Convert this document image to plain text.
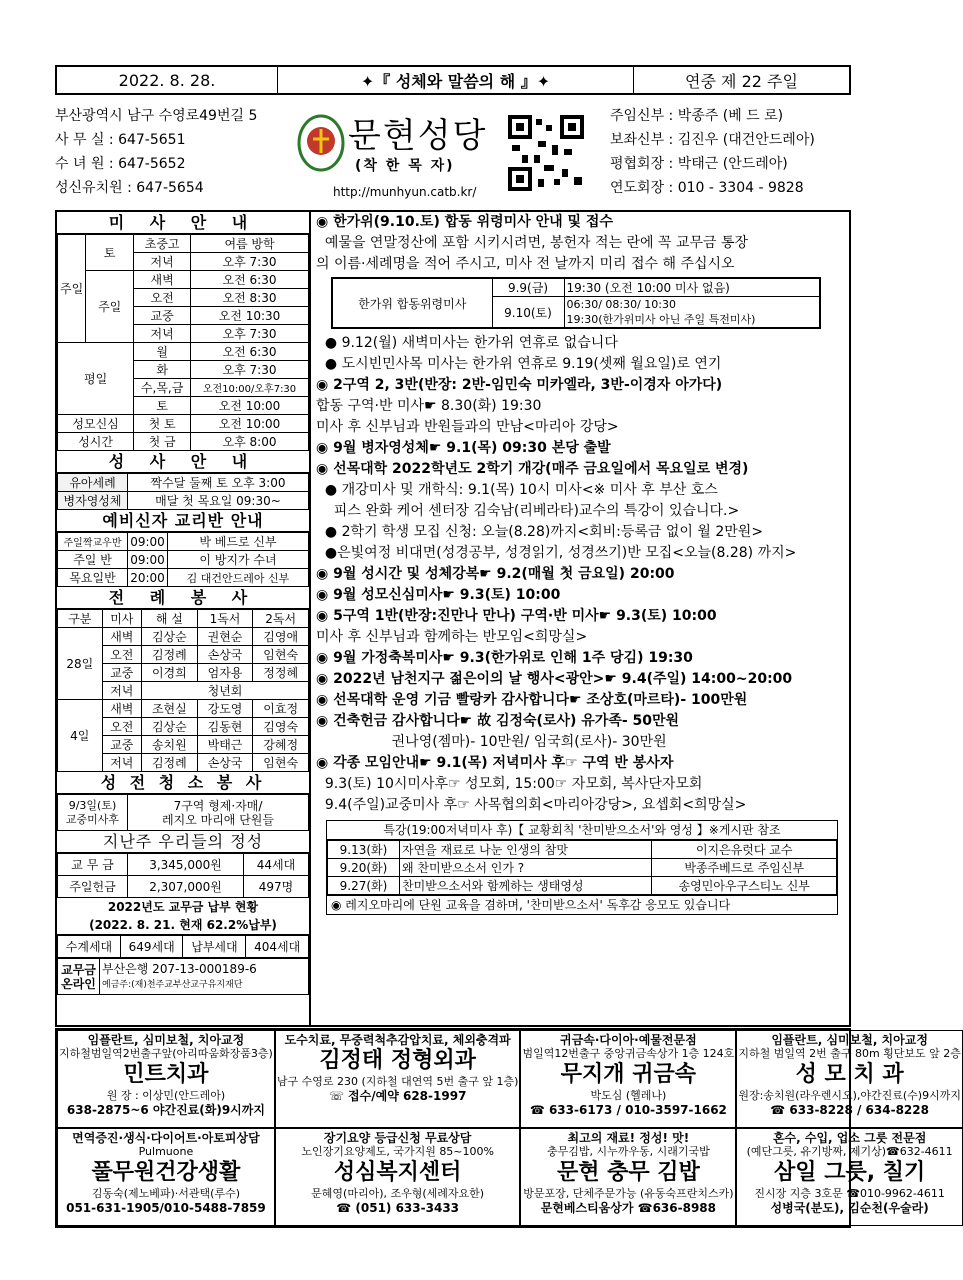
2022. 8. 28.	✦『 성체와 말씀의 해 』✦	연중 제 22 주일
부산광역시 남구 수영로49번길 5
사 무 실 : 647-5651
수 녀 원 : 647-5652
성신유치원 : 647-5654
문현성당
(착 한 목 자)
http://munhyun.catb.kr/
주임신부 : 박종주 (베 드 로)
보좌신부 : 김진우 (대건안드레아)
평협회장 : 박태근 (안드레아)
연도회장 : 010 - 3304 - 9828
미 사 안 내
주일	토	초중고	여름 방학
		저녁	오후 7:30
	주일	새벽	오전 6:30
		오전	오전 8:30
		교중	오전 10:30
		저녁	오후 7:30
평일		월	오전 6:30
		화	오후 7:30
		수,목,금	오전10:00/오후7:30
		토	오전 10:00
성모신심		첫 토	오전 10:00
성시간		첫 금	오후 8:00
성 사 안 내
유아세례	짝수달 둘째 토 오후 3:00
병자영성체	매달 첫 목요일 09:30~
예비신자 교리반 안내
주일짝교우반	09:00	박 베드로 신부
주일 반	09:00	이 방지가 수녀
목요일반	20:00	김 대건안드레아 신부
전 례 봉 사
구분	미사	해 설	1독서	2독서
28일	새벽	김상순	권현순	김영애
	오전	김정례	손상국	임현숙
	교중	이경희	엄자용	정정혜
	저녁	청년회		
4일	새벽	조현실	강도영	이효정
	오전	김상순	김동현	김영숙
	교중	송치원	박태근	강혜정
	저녁	김정례	손상국	임현숙
성 전 청 소 봉 사
9/3일(토)
교중미사후	7구역 형제·자매/
레지오 마리애 단원들
지난주 우리들의 정성
교 무 금	3,345,000원	44세대
주일헌금	2,307,000원	497명
2022년도 교무금 납부 현황
(2022. 8. 21. 현재 62.2%납부)
수계세대	649세대	납부세대	404세대
교무금
온라인	
부산은행 207-13-000189-6
예금주:(재)천주교부산교구유지재단
◉ 한가위(9.10.토) 합동 위령미사 안내 및 접수
예물을 연말정산에 포함 시키시려면, 봉헌자 적는 란에 꼭 교무금 통장
의 이름·세례명을 적어 주시고, 미사 전 날까지 미리 접수 해 주십시오
한가위 합동위령미사	9.9(금)	19:30 (오전 10:00 미사 없음)
	9.10(토)	06:30/ 08:30/ 10:30
19:30(한가위미사 아닌 주일 특전미사)
● 9.12(월) 새벽미사는 한가위 연휴로 없습니다
● 도시빈민사목 미사는 한가위 연휴로 9.19(셋째 월요일)로 연기
◉ 2구역 2, 3반(반장: 2반-임민숙 미카엘라, 3반-이경자 아가다)
합동 구역·반 미사☛ 8.30(화) 19:30
미사 후 신부님과 반원들과의 만남<마리아 강당>
◉ 9월 병자영성체☛ 9.1(목) 09:30 본당 출발
◉ 선목대학 2022학년도 2학기 개강(매주 금요일에서 목요일로 변경)
● 개강미사 및 개학식: 9.1(목) 10시 미사<※ 미사 후 부산 호스
피스 완화 케어 센터장 김숙남(리베라타)교수의 특강이 있습니다.>
● 2학기 학생 모집 신청: 오늘(8.28)까지<회비:등록금 없이 월 2만원>
●은빛여정 비대면(성경공부, 성경읽기, 성경쓰기)반 모집<오늘(8.28) 까지>
◉ 9월 성시간 및 성체강복☛ 9.2(매월 첫 금요일) 20:00
◉ 9월 성모신심미사☛ 9.3(토) 10:00
◉ 5구역 1반(반장:진만나 만나) 구역·반 미사☛ 9.3(토) 10:00
미사 후 신부님과 함께하는 반모임<희망실>
◉ 9월 가정축복미사☛ 9.3(한가위로 인해 1주 당김) 19:30
◉ 2022년 남천지구 젊은이의 날 행사<광안>☛ 9.4(주일) 14:00~20:00
◉ 선목대학 운영 기금 빨랑카 감사합니다☛ 조상호(마르타)- 100만원
◉ 건축헌금 감사합니다☛ 故 김정숙(로사) 유가족- 50만원
권나영(젬마)- 10만원/ 임국희(로사)- 30만원
◉ 각종 모임안내☛ 9.1(목) 저녁미사 후☞ 구역 반 봉사자
9.3(토) 10시미사후☞ 성모회, 15:00☞ 자모회, 복사단자모회
9.4(주일)교중미사 후☞ 사목협의회<마리아강당>, 요셉회<희망실>
특강(19:00저녁미사 후)【 교황회칙 '찬미받으소서'와 영성 】※게시판 참조
9.13(화)	자연을 재료로 나눈 인생의 참맛	이지은유럿다 교수
9.20(화)	왜 찬미받으소서 인가 ?	박종주베드로 주임신부
9.27(화)	찬미받으소서와 함께하는 생태영성	송영민아우구스티노 신부
◉ 레지오마리에 단원 교육을 겸하며, '찬미받으소서' 독후감 응모도 있습니다
임플란트, 심미보철, 치아교정
지하철범일역2번출구앞(아리따움화장품3층)
민트치과
원 장 : 이상민(안드레아)
638-2875~6 야간진료(화)9시까지
도수치료, 무중력척추감압치료, 체외충격파
김정태 정형외과
남구 수영로 230 (지하철 대연역 5번 출구 앞 1층)
☏ 접수/예약 628-1997
귀금속·다이아·예물전문점
범일역12번출구 중앙귀금속상가 1층 124호
무지개 귀금속
박도심 (헬레나)
☎ 633-6173 / 010-3597-1662
임플란트, 심미보철, 치아교정
지하철 범일역 2번 출구 80m 횡단보도 앞 2층
성 모 치 과
원장:송치원(라우렌시오),야간진료(수)9시까지
☎ 633-8228 / 634-8228
면역증진·생식·다이어트·아토피상담
Pulmuone
풀무원건강생활
김동숙(제노베파)·서관택(루수)
051-631-1905/010-5488-7859
장기요양 등급신청 무료상담
노인장기요양제도, 국가지원 85~100%
성심복지센터
문혜영(마리아), 조우형(세례자요한)
☎ (051) 633-3433
최고의 재료! 정성! 맛!
충무김밥, 시누까우동, 시래기국밥
문현 충무 김밥
방문포장, 단체주문가능 (유동숙프란치스카)
문현베스티움상가 ☎636-8988
혼수, 수입, 업소 그릇 전문점
(예단그릇, 유기방짜, 제기상)☎632-4611
삼일 그릇, 칠기
진시장 지층 3호문 ☎010-9962-4611
성병국(분도), 김순천(우술라)
